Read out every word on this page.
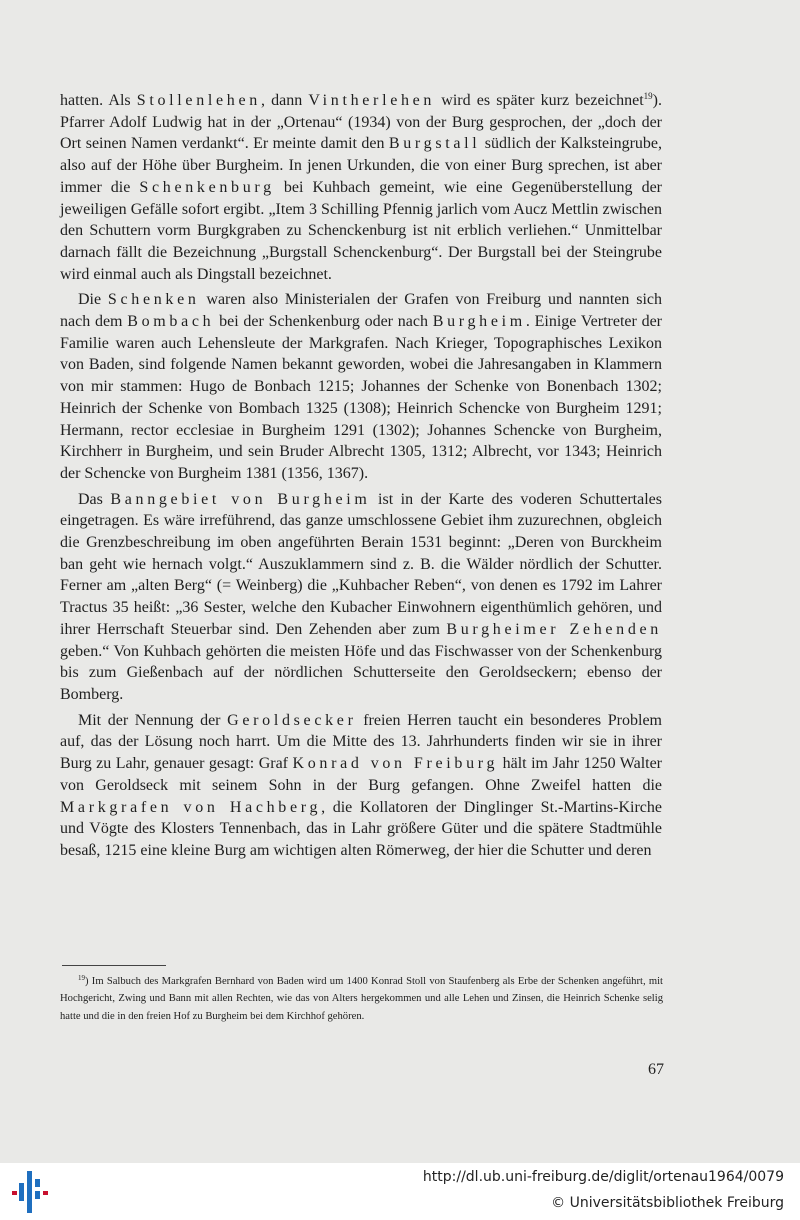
hatten. Als Stollenlehen, dann Vintherlehen wird es später kurz bezeichnet$^{19}$). Pfarrer Adolf Ludwig hat in der „Ortenau“ (1934) von der Burg gesprochen, der „doch der Ort seinen Namen verdankt“. Er meinte damit den Burgstall südlich der Kalksteingrube, also auf der Höhe über Burgheim. In jenen Urkunden, die von einer Burg sprechen, ist aber immer die Schenkenburg bei Kuhbach gemeint, wie eine Gegenüberstellung der jeweiligen Gefälle sofort ergibt. „Item 3 Schilling Pfennig jarlich vom Aucz Mettlin zwischen den Schuttern vorm Burgkgraben zu Schenckenburg ist nit erblich verliehen.“ Unmittelbar darnach fällt die Bezeichnung „Burgstall Schenckenburg“. Der Burgstall bei der Steingrube wird einmal auch als Dingstall bezeichnet.

Die Schenken waren also Ministerialen der Grafen von Freiburg und nannten sich nach dem Bombach bei der Schenkenburg oder nach Burgheim. Einige Vertreter der Familie waren auch Lehensleute der Markgrafen. Nach Krieger, Topographisches Lexikon von Baden, sind folgende Namen bekannt geworden, wobei die Jahresangaben in Klammern von mir stammen: Hugo de Bonbach 1215; Johannes der Schenke von Bonenbach 1302; Heinrich der Schenke von Bombach 1325 (1308); Heinrich Schencke von Burgheim 1291; Hermann, rector ecclesiae in Burgheim 1291 (1302); Johannes Schencke von Burgheim, Kirchherr in Burgheim, und sein Bruder Albrecht 1305, 1312; Albrecht, vor 1343; Heinrich der Schencke von Burgheim 1381 (1356, 1367).

Das Banngebiet von Burgheim ist in der Karte des voderen Schuttertales eingetragen. Es wäre irreführend, das ganze umschlossene Gebiet ihm zuzurechnen, obgleich die Grenzbeschreibung im oben angeführten Berain 1531 beginnt: „Deren von Burckheim ban geht wie hernach volgt.“ Auszuklammern sind z. B. die Wälder nördlich der Schutter. Ferner am „alten Berg“ (= Weinberg) die „Kuhbacher Reben“, von denen es 1792 im Lahrer Tractus 35 heißt: „36 Sester, welche den Kubacher Einwohnern eigenthümlich gehören, und ihrer Herrschaft Steuerbar sind. Den Zehenden aber zum Burgheimer Zehenden geben.“ Von Kuhbach gehörten die meisten Höfe und das Fischwasser von der Schenkenburg bis zum Gießenbach auf der nördlichen Schutterseite den Geroldseckern; ebenso der Bomberg.

Mit der Nennung der Geroldsecker freien Herren taucht ein besonderes Problem auf, das der Lösung noch harrt. Um die Mitte des 13. Jahrhunderts finden wir sie in ihrer Burg zu Lahr, genauer gesagt: Graf Konrad von Freiburg hält im Jahr 1250 Walter von Geroldseck mit seinem Sohn in der Burg gefangen. Ohne Zweifel hatten die Markgrafen von Hachberg, die Kollatoren der Dinglinger St.-Martins-Kirche und Vögte des Klosters Tennenbach, das in Lahr größere Güter und die spätere Stadtmühle besaß, 1215 eine kleine Burg am wichtigen alten Römerweg, der hier die Schutter und deren

$^{19}$) Im Salbuch des Markgrafen Bernhard von Baden wird um 1400 Konrad Stoll von Staufenberg als Erbe der Schenken angeführt, mit Hochgericht, Zwing und Bann mit allen Rechten, wie das von Alters hergekommen und alle Lehen und Zinsen, die Heinrich Schenke selig hatte und die in den freien Hof zu Burgheim bei dem Kirchhof gehören.

67
http://dl.ub.uni-freiburg.de/diglit/ortenau1964/0079
© Universitätsbibliothek Freiburg
